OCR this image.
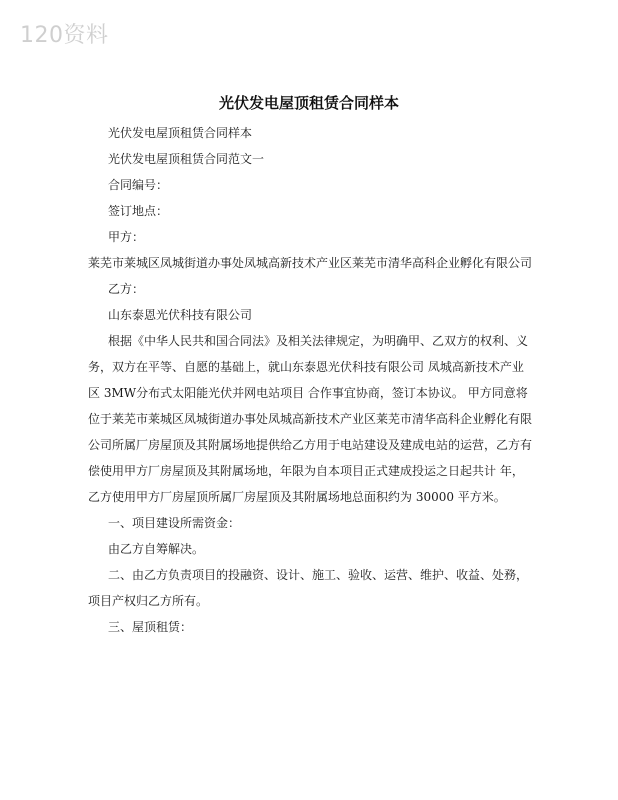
120资料
光伏发电屋顶租赁合同样本

光伏发电屋顶租赁合同样本

光伏发电屋顶租赁合同范文一

合同编号：

签订地点：

甲方：

莱芜市莱城区凤城街道办事处凤城高新技术产业区莱芜市清华高科企业孵化有限公司

乙方：

山东泰恩光伏科技有限公司

根据《中华人民共和国合同法》及相关法律规定，为明确甲、乙双方的权利、义务，双方在平等、自愿的基础上，就山东泰恩光伏科技有限公司 凤城高新技术产业区 3MW分布式太阳能光伏并网电站项目 合作事宜协商，签订本协议。 甲方同意将位于莱芜市莱城区凤城街道办事处凤城高新技术产业区莱芜市清华高科企业孵化有限公司所属厂房屋顶及其附属场地提供给乙方用于电站建设及建成电站的运营，乙方有偿使用甲方厂房屋顶及其附属场地，年限为自本项目正式建成投运之日起共计 年，乙方使用甲方厂房屋顶所属厂房屋顶及其附属场地总面积约为 30000 平方米。

一、项目建设所需资金：

由乙方自筹解决。

二、由乙方负责项目的投融资、设计、施工、验收、运营、维护、收益、处務，项目产权归乙方所有。

三、屋顶租赁：
